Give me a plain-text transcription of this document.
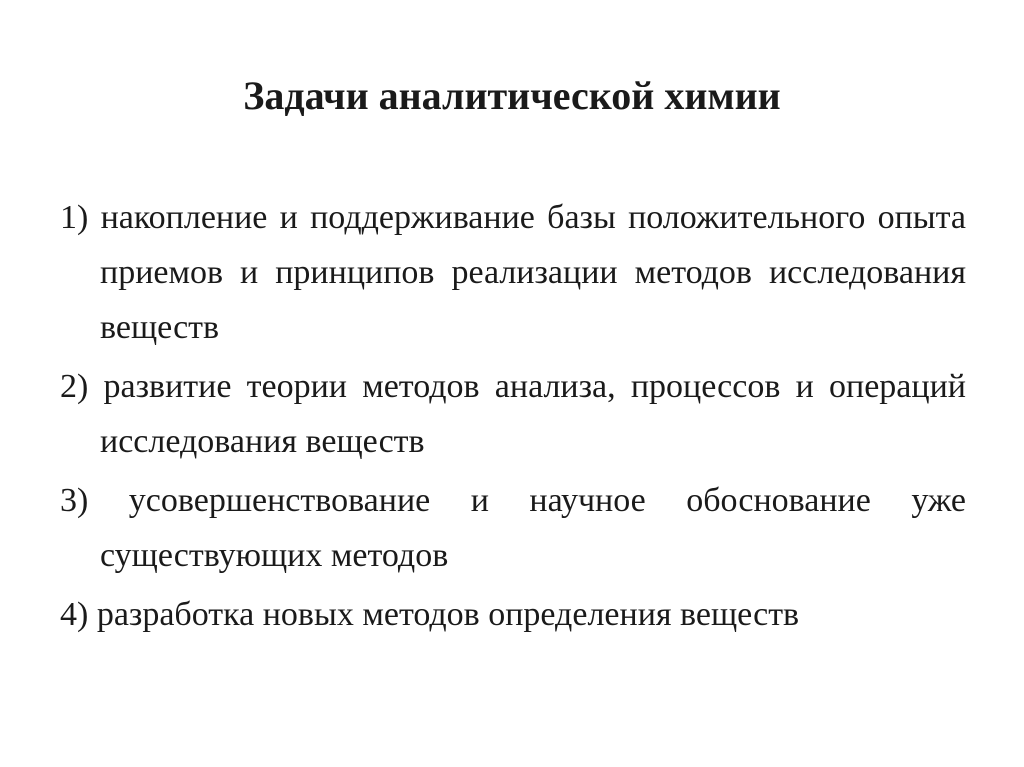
Задачи аналитической химии
1) накопление и поддерживание базы положительного опыта приемов и принципов реализации методов исследования веществ
2) развитие теории методов анализа, процессов и операций исследования веществ
3) усовершенствование и научное обоснование уже существующих методов
4) разработка новых методов определения веществ
